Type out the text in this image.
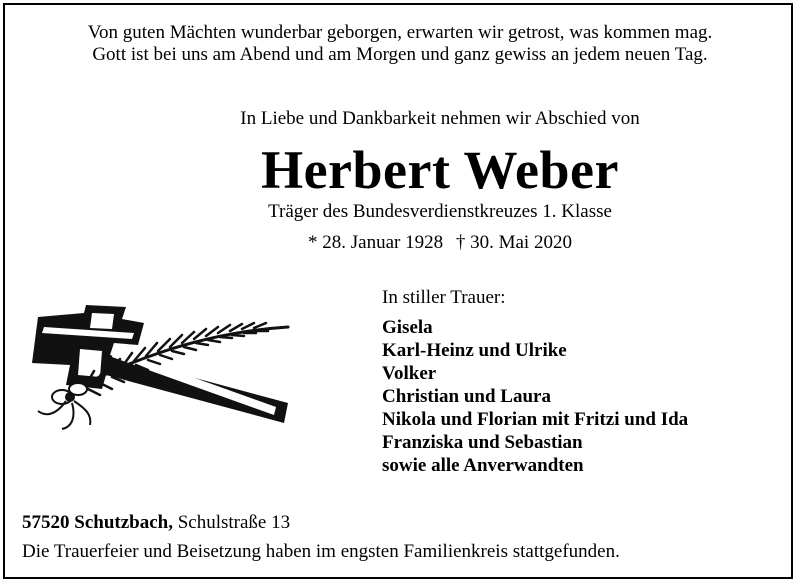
Von guten Mächten wunderbar geborgen, erwarten wir getrost, was kommen mag.
Gott ist bei uns am Abend und am Morgen und ganz gewiss an jedem neuen Tag.
In Liebe und Dankbarkeit nehmen wir Abschied von
Herbert Weber
Träger des Bundesverdienstkreuzes 1. Klasse
* 28. Januar 1928 † 30. Mai 2020
In stiller Trauer:
Gisela
Karl-Heinz und Ulrike
Volker
Christian und Laura
Nikola und Florian mit Fritzi und Ida
Franziska und Sebastian
sowie alle Anverwandten
57520 Schutzbach, Schulstraße 13
Die Trauerfeier und Beisetzung haben im engsten Familienkreis stattgefunden.
